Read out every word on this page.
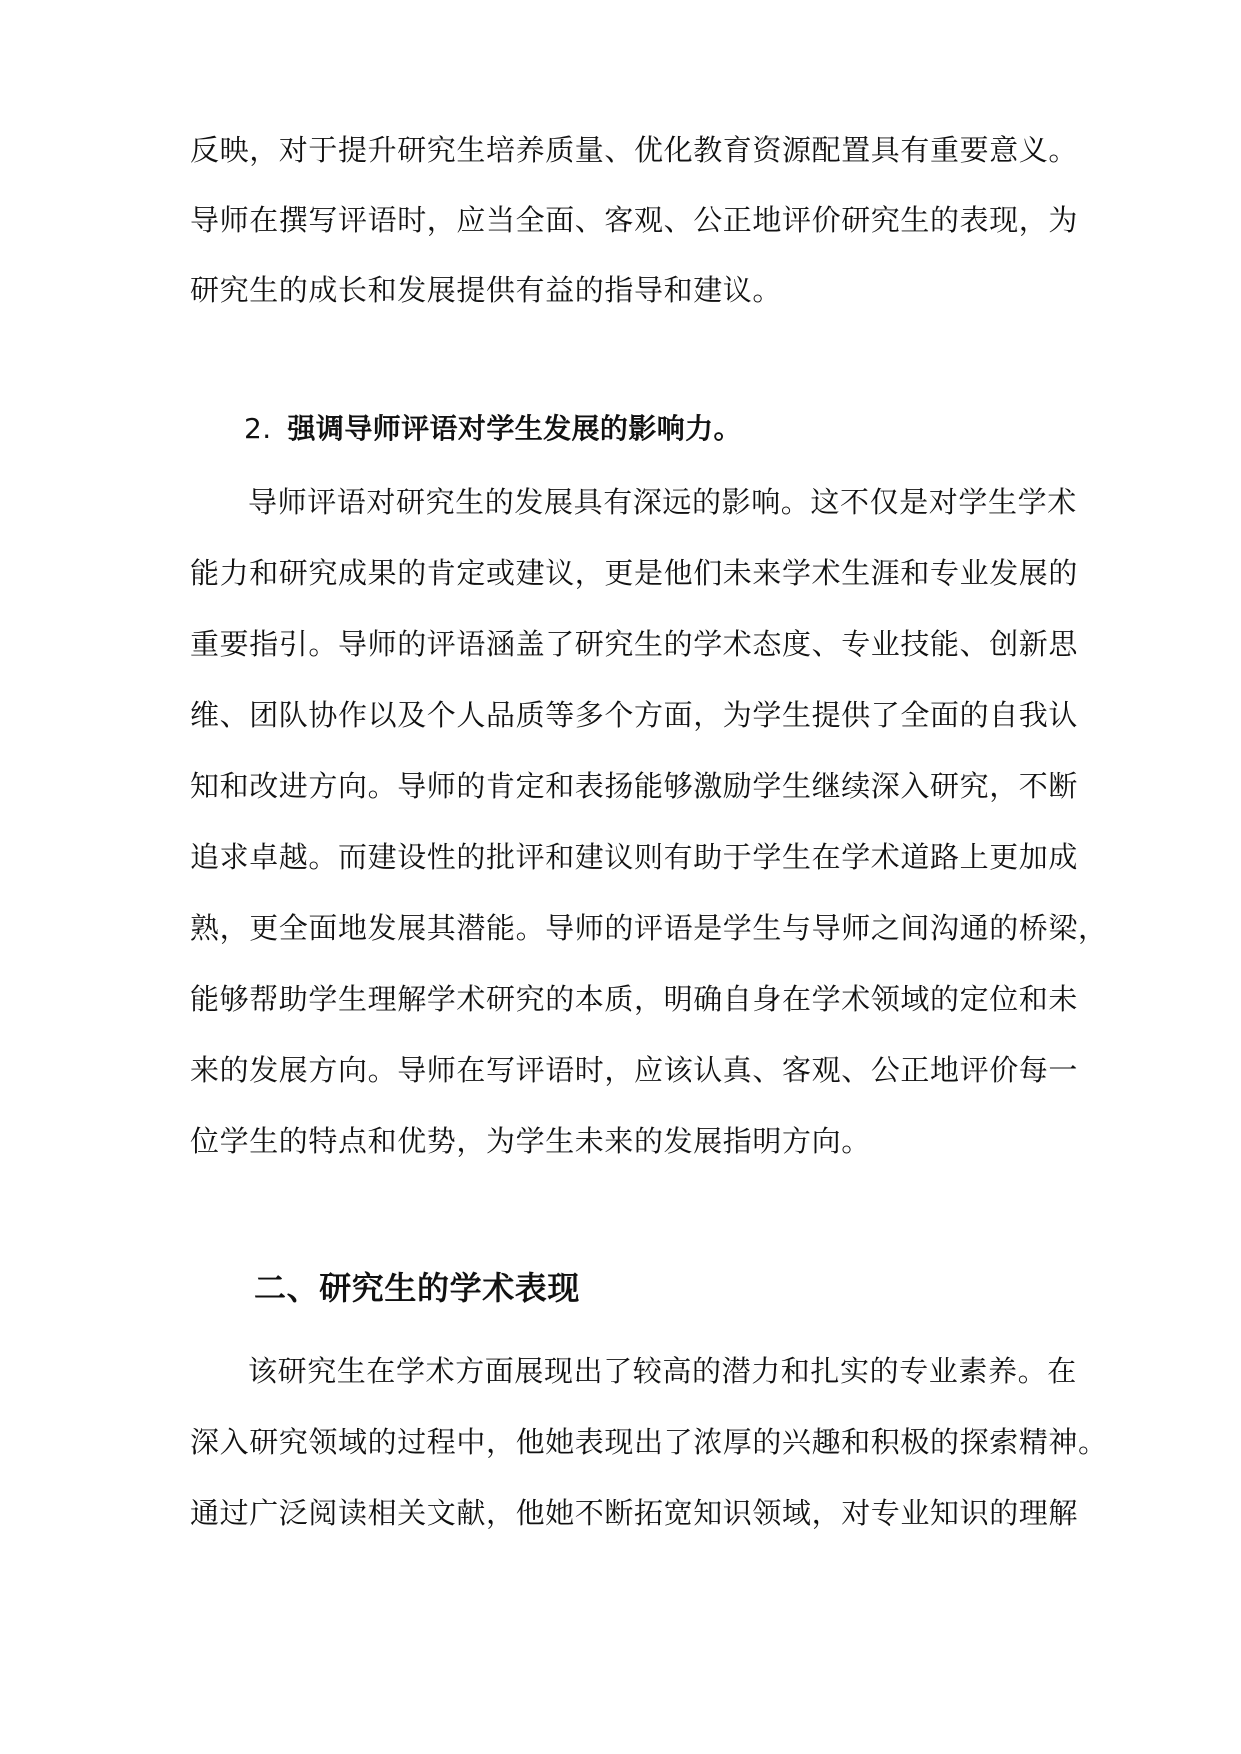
反映，对于提升研究生培养质量、优化教育资源配置具有重要意义。
导师在撰写评语时，应当全面、客观、公正地评价研究生的表现，为
研究生的成长和发展提供有益的指导和建议。
2. 强调导师评语对学生发展的影响力。
导师评语对研究生的发展具有深远的影响。这不仅是对学生学术
能力和研究成果的肯定或建议，更是他们未来学术生涯和专业发展的
重要指引。导师的评语涵盖了研究生的学术态度、专业技能、创新思
维、团队协作以及个人品质等多个方面，为学生提供了全面的自我认
知和改进方向。导师的肯定和表扬能够激励学生继续深入研究，不断
追求卓越。而建设性的批评和建议则有助于学生在学术道路上更加成
熟，更全面地发展其潜能。导师的评语是学生与导师之间沟通的桥梁，
能够帮助学生理解学术研究的本质，明确自身在学术领域的定位和未
来的发展方向。导师在写评语时，应该认真、客观、公正地评价每一
位学生的特点和优势，为学生未来的发展指明方向。
二、研究生的学术表现
该研究生在学术方面展现出了较高的潜力和扎实的专业素养。在
深入研究领域的过程中，他她表现出了浓厚的兴趣和积极的探索精神。
通过广泛阅读相关文献，他她不断拓宽知识领域，对专业知识的理解
